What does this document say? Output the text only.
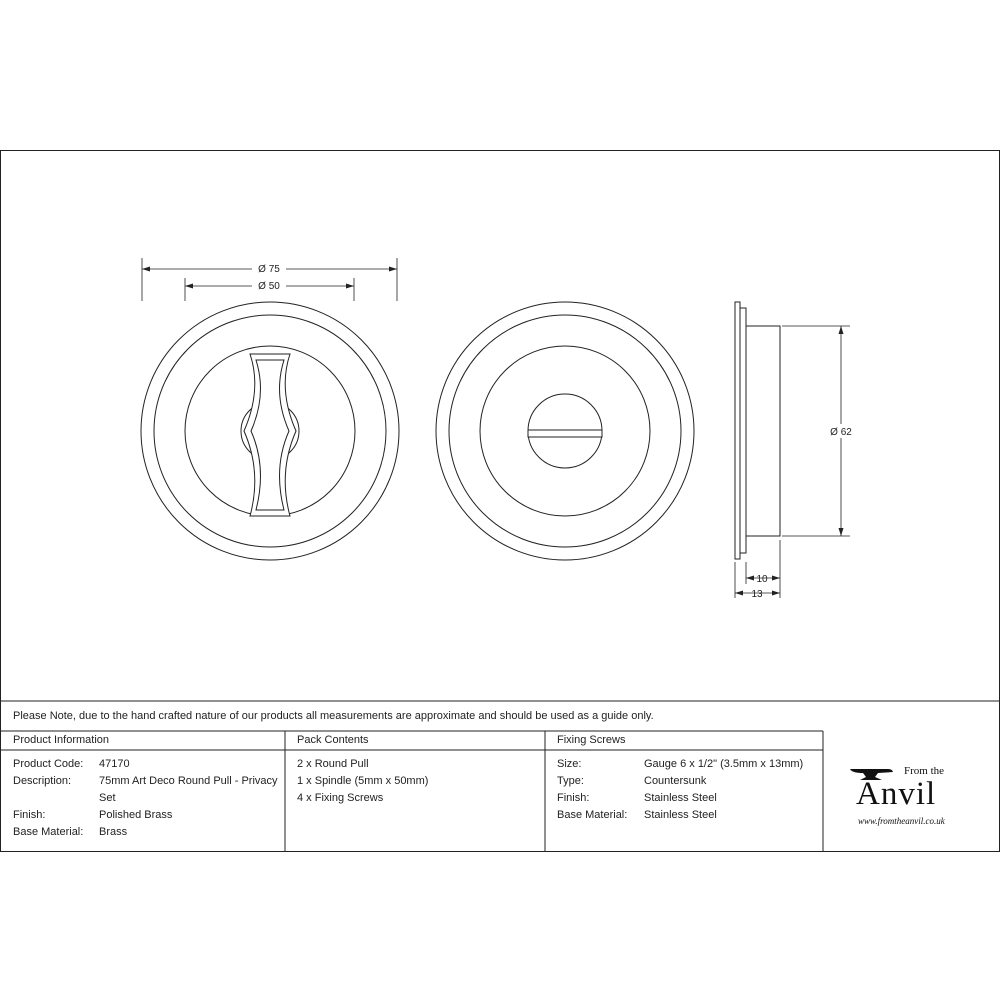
Ø 75
Ø 50
Ø 62
10
13
Please Note, due to the hand crafted nature of our products all measurements are approximate and should be used as a guide only.
Product Information
Product Code:
Description:
Finish:
Base Material:
47170
75mm Art Deco Round Pull - Privacy
Set
Polished Brass
Brass
Pack Contents
2 x Round Pull
1 x Spindle (5mm x 50mm)
4 x Fixing Screws
Fixing Screws
Size:
Type:
Finish:
Base Material:
Gauge 6 x 1/2" (3.5mm x 13mm)
Countersunk
Stainless Steel
Stainless Steel
From the
Anvil
www.fromtheanvil.co.uk
